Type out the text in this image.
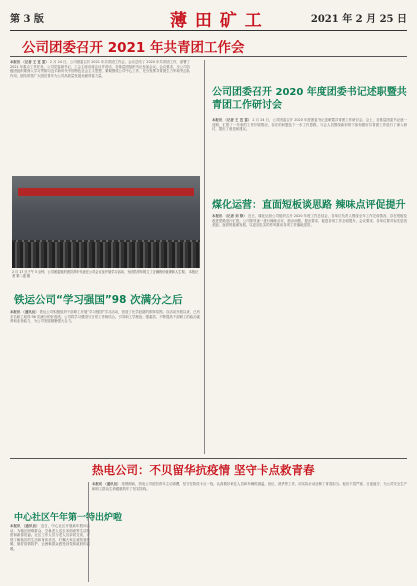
第 3 版	薄 田 矿 工	2021 年 2 月 25 日
公司团委召开 2021 年共青团工作会
本报讯 （记者 王 宣 雷） 2 月 24 日，公司团委召开 2021 年共青团工作会，会议总结了 2020 年共青团工作，部署了 2021 年重点工作任务。公司党委副书记、工会主席出席会议并讲话，各基层团组织书记参加会议。会议要求，全公司各级团组织要深入学习贯彻习近平新时代中国特色社会主义思想，紧紧围绕公司中心工作，充分发挥共青团生力军和突击队作用，团结带领广大团员青年为公司高质量发展贡献青春力量。
公司团委召开 2020 年度团委书记述职暨共青团工作研讨会
本报讯 （记者 王 宣 雷） 2 月 24 日，公司团委召开 2020 年度团委书记述职暨共青团工作研讨会。会上，各基层团委书记逐一述职，汇报了一年来的工作开展情况、存在的问题及下一步工作思路。与会人员围绕新形势下如何做好共青团工作进行了深入研讨，提出了意见和建议。
煤化运营：直面短板谈思路 辣味点评促提升
本报讯 （记者 刘 铮） 近日，煤化运营公司组织召开 2020 年度工作总结会，各单位负责人围绕全年工作完成情况、存在短板及改进思路进行汇报，公司领导逐一进行辣味点评，指出问题，提出要求，促进各项工作全面提升。会议要求，各单位要对标先进找差距，直面短板谋发展，以更加扎实的作风推动各项工作落地见效。
2 月 17 日下午 3 点钟，公司团委组织团员青年代表在公司会议室开展学习活动，为团员青年树立了正确的价值观和人生观。 本报记者 第二道 摄
铁运公司“学习强国”98 次满分之后
本报讯 （通讯员） 铁运公司积极组织干部职工开展“学习强国”学习活动，营造了比学赶超的浓厚氛围。自活动开展以来，已有多名职工取得 98 次满分的好成绩。公司将学习强国与日常工作相结合，引导职工学理论、强素质，不断提高干部职工的政治素养和业务能力，为公司发展凝聚强大合力。
热电公司：不贝留华抗疫情 坚守卡点救青春
本报讯 （通讯员） 疫情期间，热电公司团员青年主动请缨，坚守在防疫卡点一线，认真做好来往人员和车辆的测温、登记、消杀等工作，用实际行动诠释了青春担当。他们不畏严寒，日夜值守，为公司安全生产和职工群众生命健康筑牢了坚实防线。
中心社区午年第一特出炉啦
本报讯 （通讯员） 近日，中心社区开展新年慰问活动，为辖区困难群众、空巢老人送去米面油等生活物资和新春祝福。社区工作人员与老人们亲切交谈，详细了解他们的生活和身体状况，叮嘱大家注意防寒保暖、做好疫情防护，让困难群众感受到党和政府的温暖。
